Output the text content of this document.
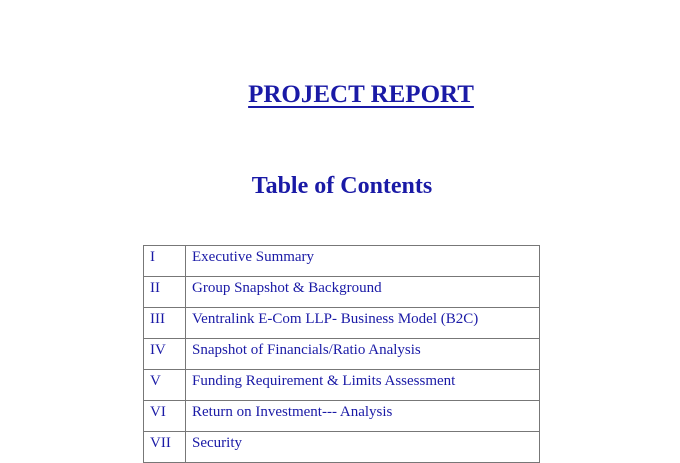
PROJECT REPORT
Table of Contents
I	Executive Summary
II	Group Snapshot & Background
III	Ventralink E-Com LLP- Business Model (B2C)
IV	Snapshot of Financials/Ratio Analysis
V	Funding Requirement & Limits Assessment
VI	Return on Investment--- Analysis
VII	Security
